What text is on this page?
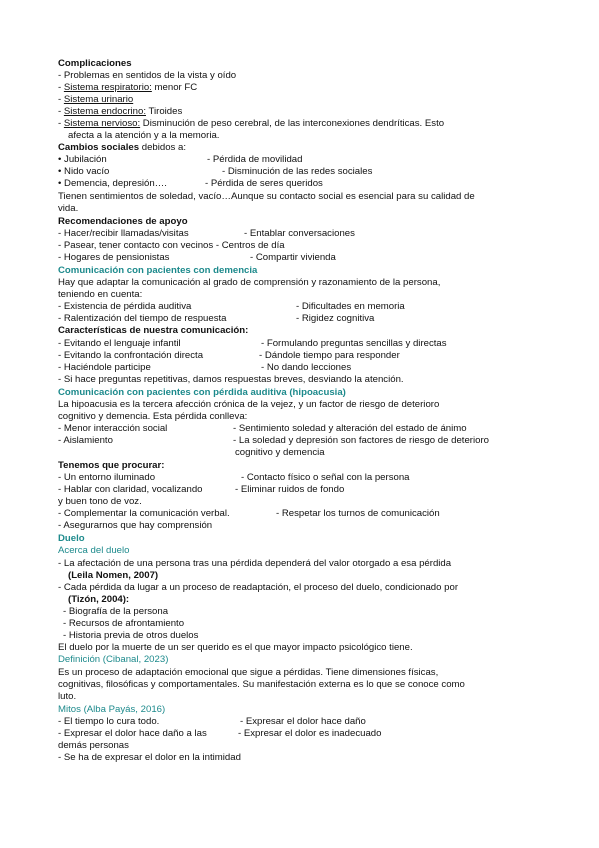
Complicaciones
- Problemas en sentidos de la vista y oído
- Sistema respiratorio: menor FC
- Sistema urinario
- Sistema endocrino: Tiroides
- Sistema nervioso: Disminución de peso cerebral, de las interconexiones dendríticas. Esto
afecta a la atención y a la memoria.
Cambios sociales debidos a:
• Jubilación	- Pérdida de movilidad
• Nido vacío	- Disminución de las redes sociales
• Demencia, depresión….	- Pérdida de seres queridos
Tienen sentimientos de soledad, vacío…Aunque su contacto social es esencial para su calidad de
vida.
Recomendaciones de apoyo
- Hacer/recibir llamadas/visitas	- Entablar conversaciones
- Pasear, tener contacto con vecinos - Centros de día
- Hogares de pensionistas	- Compartir vivienda
Comunicación con pacientes con demencia
Hay que adaptar la comunicación al grado de comprensión y razonamiento de la persona,
teniendo en cuenta:
- Existencia de pérdida auditiva	- Dificultades en memoria
- Ralentización del tiempo de respuesta	- Rigidez cognitiva
Características de nuestra comunicación:
- Evitando el lenguaje infantil	- Formulando preguntas sencillas y directas
- Evitando la confrontación directa	- Dándole tiempo para responder
- Haciéndole participe	- No dando lecciones
- Si hace preguntas repetitivas, damos respuestas breves, desviando la atención.
Comunicación con pacientes con pérdida auditiva (hipoacusia)
La hipoacusia es la tercera afección crónica de la vejez, y un factor de riesgo de deterioro
cognitivo y demencia. Esta pérdida conlleva:
- Menor interacción social	- Sentimiento soledad y alteración del estado de ánimo
- Aislamiento	- La soledad y depresión son factores de riesgo de deterioro
cognitivo y demencia
Tenemos que procurar:
- Un entorno iluminado	- Contacto físico o señal con la persona
- Hablar con claridad, vocalizando	- Eliminar ruidos de fondo
y buen tono de voz.
- Complementar la comunicación verbal.	- Respetar los turnos de comunicación
- Asegurarnos que hay comprensión
Duelo
Acerca del duelo
- La afectación de una persona tras una pérdida dependerá del valor otorgado a esa pérdida
(Leila Nomen, 2007)
- Cada pérdida da lugar a un proceso de readaptación, el proceso del duelo, condicionado por
(Tizón, 2004):
- Biografía de la persona
- Recursos de afrontamiento
- Historia previa de otros duelos
El duelo por la muerte de un ser querido es el que mayor impacto psicológico tiene.
Definición (Cibanal, 2023)
Es un proceso de adaptación emocional que sigue a pérdidas. Tiene dimensiones físicas,
cognitivas, filosóficas y comportamentales. Su manifestación externa es lo que se conoce como
luto.
Mitos (Alba Payás, 2016)
- El tiempo lo cura todo.	- Expresar el dolor hace daño
- Expresar el dolor hace daño a las	- Expresar el dolor es inadecuado
demás personas
- Se ha de expresar el dolor en la intimidad
